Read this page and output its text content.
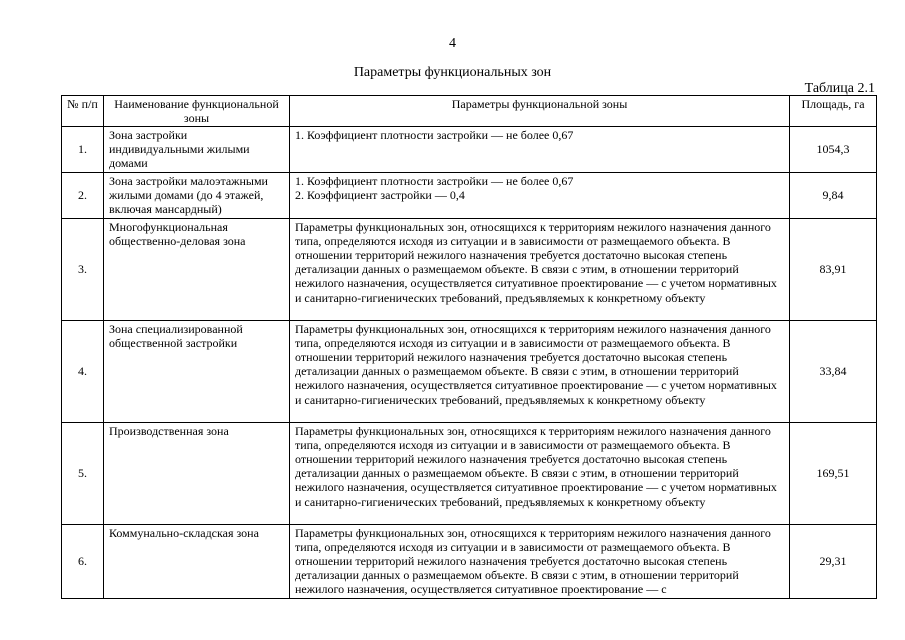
4
Параметры функциональных зон
Таблица 2.1
№ п/п	Наименование функциональной зоны	Параметры функциональной зоны	Площадь, га
1.	Зона застройки индивидуальными жилыми домами	1. Коэффициент плотности застройки — не более 0,67	1054,3
2.	Зона застройки малоэтажными жилыми домами (до 4 этажей, включая мансардный)	1. Коэффициент плотности застройки — не более 0,67
2. Коэффициент застройки — 0,4	9,84
3.	Многофункциональная общественно-деловая зона	Параметры функциональных зон, относящихся к территориям нежилого назначения данного типа, определяются исходя из ситуации и в зависимости от размещаемого объекта. В отношении территорий нежилого назначения требуется достаточно высокая степень детализации данных о размещаемом объекте. В связи с этим, в отношении территорий нежилого назначения, осуществляется ситуативное проектирование — с учетом нормативных и санитарно-гигиенических требований, предъявляемых к конкретному объекту	83,91
4.	Зона специализированной общественной застройки	Параметры функциональных зон, относящихся к территориям нежилого назначения данного типа, определяются исходя из ситуации и в зависимости от размещаемого объекта. В отношении территорий нежилого назначения требуется достаточно высокая степень детализации данных о размещаемом объекте. В связи с этим, в отношении территорий нежилого назначения, осуществляется ситуативное проектирование — с учетом нормативных и санитарно-гигиенических требований, предъявляемых к конкретному объекту	33,84
5.	Производственная зона	Параметры функциональных зон, относящихся к территориям нежилого назначения данного типа, определяются исходя из ситуации и в зависимости от размещаемого объекта. В отношении территорий нежилого назначения требуется достаточно высокая степень детализации данных о размещаемом объекте. В связи с этим, в отношении территорий нежилого назначения, осуществляется ситуативное проектирование — с учетом нормативных и санитарно-гигиенических требований, предъявляемых к конкретному объекту	169,51
6.	Коммунально-складская зона	Параметры функциональных зон, относящихся к территориям нежилого назначения данного типа, определяются исходя из ситуации и в зависимости от размещаемого объекта. В отношении территорий нежилого назначения требуется достаточно высокая степень детализации данных о размещаемом объекте. В связи с этим, в отношении территорий нежилого назначения, осуществляется ситуативное проектирование — с	29,31
